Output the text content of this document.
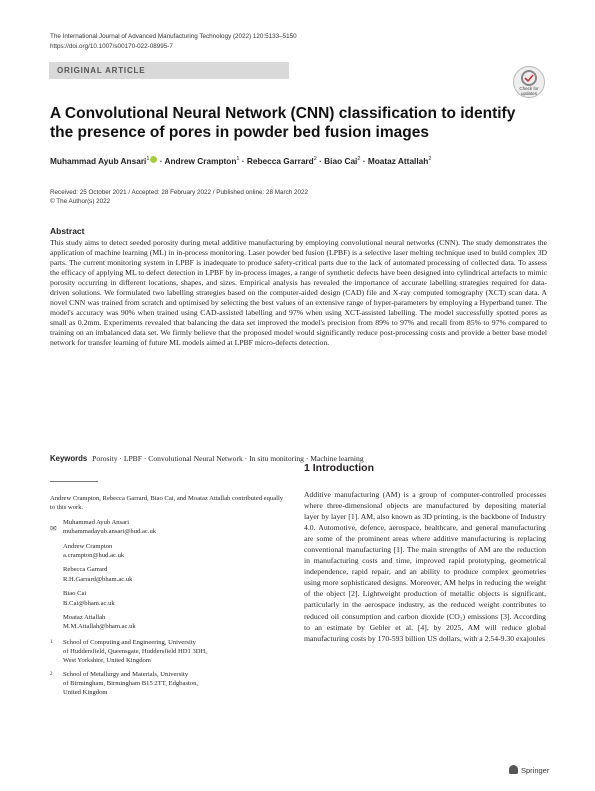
The International Journal of Advanced Manufacturing Technology (2022) 120:5133–5150
https://doi.org/10.1007/s00170-022-08995-7
ORIGINAL ARTICLE
Check for updates
A Convolutional Neural Network (CNN) classification to identify the presence of pores in powder bed fusion images
Muhammad Ayub Ansari$^1$ · Andrew Crampton$^1$ · Rebecca Garrard$^2$ · Biao Cai$^2$ · Moataz Attallah$^2$
Received: 25 October 2021 / Accepted: 28 February 2022 / Published online: 28 March 2022
© The Author(s) 2022
Abstract
This study aims to detect seeded porosity during metal additive manufacturing by employing convolutional neural networks (CNN). The study demonstrates the application of machine learning (ML) in in-process monitoring. Laser powder bed fusion (LPBF) is a selective laser melting technique used to build complex 3D parts. The current monitoring system in LPBF is inadequate to produce safety-critical parts due to the lack of automated processing of collected data. To assess the efficacy of applying ML to defect detection in LPBF by in-process images, a range of synthetic defects have been designed into cylindrical artefacts to mimic porosity occurring in different locations, shapes, and sizes. Empirical analysis has revealed the importance of accurate labelling strategies required for data-driven solutions. We formulated two labelling strategies based on the computer-aided design (CAD) file and X-ray computed tomography (XCT) scan data. A novel CNN was trained from scratch and optimised by selecting the best values of an extensive range of hyper-parameters by employing a Hyperband tuner. The model's accuracy was 90% when trained using CAD-assisted labelling and 97% when using XCT-assisted labelling. The model successfully spotted pores as small as 0.2mm. Experiments revealed that balancing the data set improved the model's precision from 89% to 97% and recall from 85% to 97% compared to training on an imbalanced data set. We firmly believe that the proposed model would significantly reduce post-processing costs and provide a better base model network for transfer learning of future ML models aimed at LPBF micro-defects detection.
Keywords Porosity · LPBF · Convolutional Neural Network · In situ monitoring · Machine learning
Andrew Crampton, Rebecca Garrard, Biao Cai, and Moataz Attallah contributed equally to this work.
Muhammad Ayub Ansari
muhammadayub.ansari@hud.ac.uk
Andrew Crampton
a.crampton@hud.ac.uk
Rebecca Garrard
R.H.Garrard@bham.ac.uk
Biao Cai
B.Cai@bham.ac.uk
Moataz Attallah
M.M.Attallah@bham.ac.uk
1	School of Computing and Engineering, University
of Huddersfield, Queensgate, Huddersfield HD1 3DH,
West Yorkshire, United Kingdom
2	School of Metallurgy and Materials, University
of Birmingham, Birmingham B15 2TT, Edgbaston,
United Kingdom
✉
1 Introduction
Additive manufacturing (AM) is a group of computer-controlled processes where three-dimensional objects are manufactured by depositing material layer by layer [1]. AM, also known as 3D printing, is the backbone of Industry 4.0. Automotive, defence, aerospace, healthcare, and general manufacturing are some of the prominent areas where additive manufacturing is replacing conventional manufacturing [1]. The main strengths of AM are the reduction in manufacturing costs and time, improved rapid prototyping, geometrical independence, rapid repair, and an ability to produce complex geometries using more sophisticated designs. Moreover, AM helps in reducing the weight of the object [2]. Lightweight production of metallic objects is significant, particularly in the aerospace industry, as the reduced weight contributes to reduced oil consumption and carbon dioxide (CO₂) emissions [3]. According to an estimate by Gebler et al. [4], by 2025, AM will reduce global manufacturing costs by 170-593 billion US dollars, with a 2.54-9.30 exajoules
Springer
